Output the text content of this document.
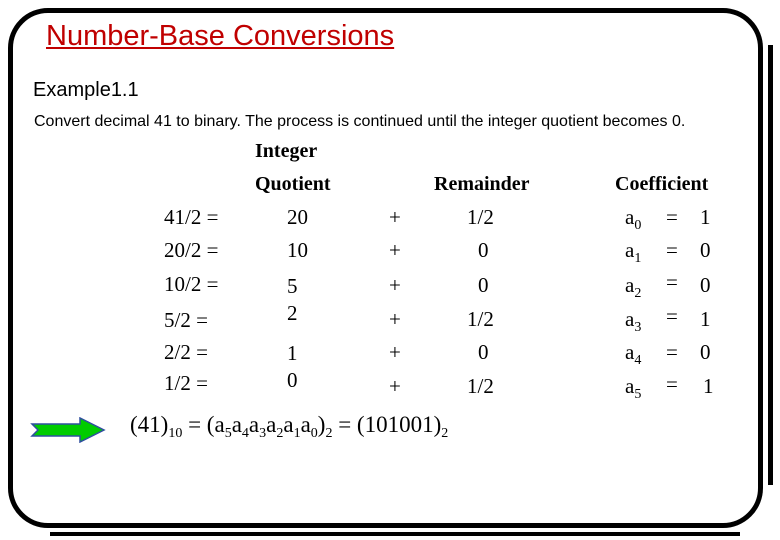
Number-Base Conversions
Example1.1
Convert decimal 41 to binary. The process is continued until the integer quotient becomes 0.
Integer
Quotient	Remainder	Coefficient
41/2 =	20	+	1/2	$a_0 = 1$
20/2 =	10	+	0	$a_1 = 0$
10/2 =	5	+	0	$a_2 = 0$
5/2 =	2	+	1/2	$a_3 = 1$
2/2 =	1	+	0	$a_4 = 0$
1/2 =	0	+	1/2	$a_5 = 1$
$(41)_{10} = (a_5a_4a_3a_2a_1a_0)_2 = (101001)_2$
